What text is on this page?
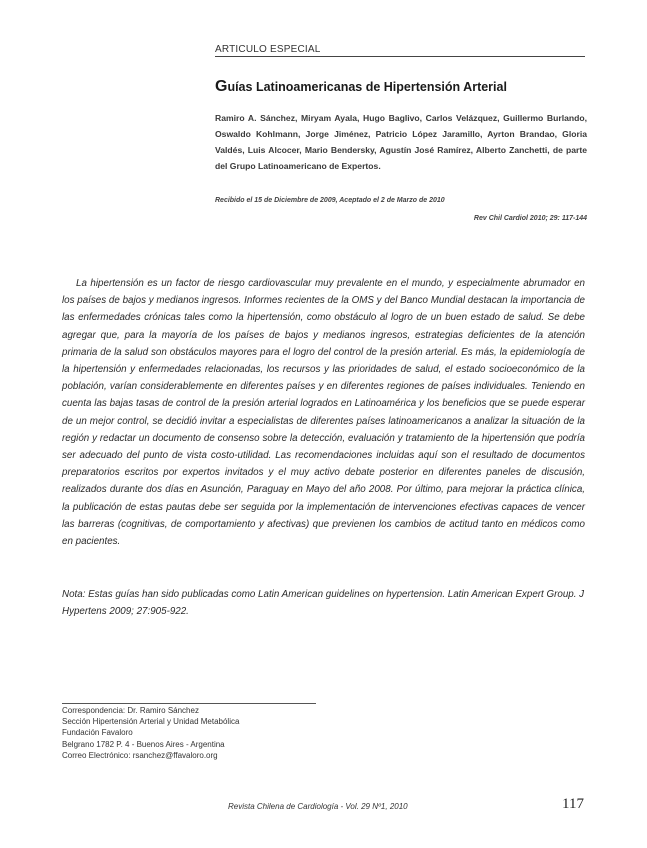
ARTICULO ESPECIAL
Guías Latinoamericanas de Hipertensión Arterial
Ramiro A. Sánchez, Miryam Ayala, Hugo Baglivo, Carlos Velázquez, Guillermo Burlando, Oswaldo Kohlmann, Jorge Jiménez, Patricio López Jaramillo, Ayrton Brandao, Gloria Valdés, Luis Alcocer, Mario Bendersky, Agustín José Ramírez, Alberto Zanchetti, de parte del Grupo Latinoamericano de Expertos.
Recibido el 15 de Diciembre de 2009, Aceptado el 2 de Marzo de 2010
Rev Chil Cardiol 2010; 29: 117-144

La hipertensión es un factor de riesgo cardiovascular muy prevalente en el mundo, y especialmente abrumador en los países de bajos y medianos ingresos. Informes recientes de la OMS y del Banco Mundial destacan la importancia de las enfermedades crónicas tales como la hipertensión, como obstáculo al logro de un buen estado de salud. Se debe agregar que, para la mayoría de los países de bajos y medianos ingresos, estrategias deficientes de la atención primaria de la salud son obstáculos mayores para el logro del control de la presión arterial. Es más, la epidemiología de la hipertensión y enfermedades relacionadas, los recursos y las prioridades de salud, el estado socioeconómico de la población, varían considerablemente en diferentes países y en diferentes regiones de países individuales. Teniendo en cuenta las bajas tasas de control de la presión arterial logrados en Latinoamérica y los beneficios que se puede esperar de un mejor control, se decidió invitar a especialistas de diferentes países latinoamericanos a analizar la situación de la región y redactar un documento de consenso sobre la detección, evaluación y tratamiento de la hipertensión que podría ser adecuado del punto de vista costo-utilidad. Las recomendaciones incluidas aquí son el resultado de documentos preparatorios escritos por expertos invitados y el muy activo debate posterior en diferentes paneles de discusión, realizados durante dos días en Asunción, Paraguay en Mayo del año 2008. Por último, para mejorar la práctica clínica, la publicación de estas pautas debe ser seguida por la implementación de intervenciones efectivas capaces de vencer las barreras (cognitivas, de comportamiento y afectivas) que previenen los cambios de actitud tanto en médicos como en pacientes.

Nota: Estas guías han sido publicadas como Latin American guidelines on hypertension. Latin American Expert Group. J Hypertens 2009; 27:905-922.

Correspondencia: Dr. Ramiro Sánchez
Sección Hipertensión Arterial y Unidad Metabólica
Fundación Favaloro
Belgrano 1782 P. 4 - Buenos Aires - Argentina
Correo Electrónico: rsanchez@ffavaloro.org
Revista Chilena de Cardiología - Vol. 29 Nº1, 2010	117
